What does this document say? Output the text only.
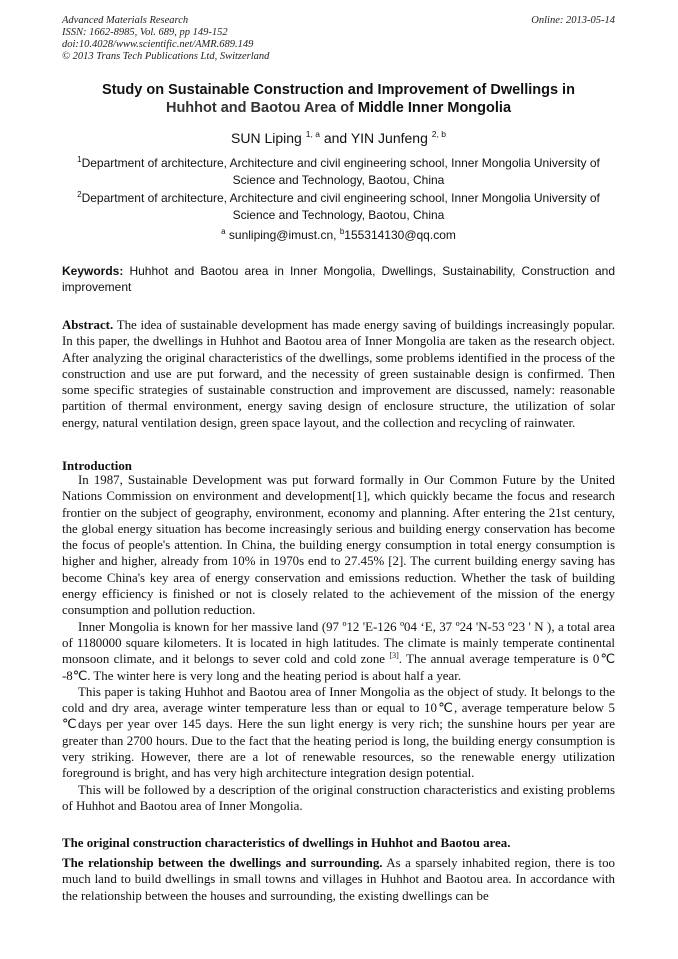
Advanced Materials Research
ISSN: 1662-8985, Vol. 689, pp 149-152
doi:10.4028/www.scientific.net/AMR.689.149
© 2013 Trans Tech Publications Ltd, Switzerland
Online: 2013-05-14
Study on Sustainable Construction and Improvement of Dwellings in
Huhhot and Baotou Area of Middle Inner Mongolia
SUN Liping $^{1, a}$ and YIN Junfeng $^{2, b}$
$^1$Department of architecture, Architecture and civil engineering school, Inner Mongolia University of Science and Technology, Baotou, China
$^2$Department of architecture, Architecture and civil engineering school, Inner Mongolia University of Science and Technology, Baotou, China
$^a$ sunliping@imust.cn, $^b$155314130@qq.com
Keywords: Huhhot and Baotou area in Inner Mongolia, Dwellings, Sustainability, Construction and improvement

Abstract. The idea of sustainable development has made energy saving of buildings increasingly popular. In this paper, the dwellings in Huhhot and Baotou area of Inner Mongolia are taken as the research object. After analyzing the original characteristics of the dwellings, some problems identified in the process of the construction and use are put forward, and the necessity of green sustainable design is confirmed. Then some specific strategies of sustainable construction and improvement are discussed, namely: reasonable partition of thermal environment, energy saving design of enclosure structure, the utilization of solar energy, natural ventilation design, green space layout, and the collection and recycling of rainwater.

Introduction

In 1987, Sustainable Development was put forward formally in Our Common Future by the United Nations Commission on environment and development[1], which quickly became the focus and research frontier on the subject of geography, environment, economy and planning. After entering the 21st century, the global energy situation has become increasingly serious and building energy conservation has become the focus of people's attention. In China, the building energy consumption in total energy consumption is higher and higher, already from 10% in 1970s end to 27.45% [2]. The current building energy saving has become China's key area of energy conservation and emissions reduction. Whether the task of building energy efficiency is finished or not is closely related to the achievement of the mission of the energy consumption and pollution reduction.

Inner Mongolia is known for her massive land (97 º12 'E-126 º04 ‘E, 37 º24 'N-53 º23 ' N ), a total area of 1180000 square kilometers. It is located in high latitudes. The climate is mainly temperate continental monsoon climate, and it belongs to sever cold and cold zone [3]. The annual average temperature is 0℃ -8℃. The winter here is very long and the heating period is about half a year.

This paper is taking Huhhot and Baotou area of Inner Mongolia as the object of study. It belongs to the cold and dry area, average winter temperature less than or equal to 10℃, average temperature below 5 ℃days per year over 145 days. Here the sun light energy is very rich; the sunshine hours per year are greater than 2700 hours. Due to the fact that the heating period is long, the building energy consumption is very striking. However, there are a lot of renewable resources, so the renewable energy utilization foreground is bright, and has very high architecture integration design potential.

This will be followed by a description of the original construction characteristics and existing problems of Huhhot and Baotou area of Inner Mongolia.

The original construction characteristics of dwellings in Huhhot and Baotou area.

The relationship between the dwellings and surrounding. As a sparsely inhabited region, there is too much land to build dwellings in small towns and villages in Huhhot and Baotou area. In accordance with the relationship between the houses and surrounding, the existing dwellings can be
